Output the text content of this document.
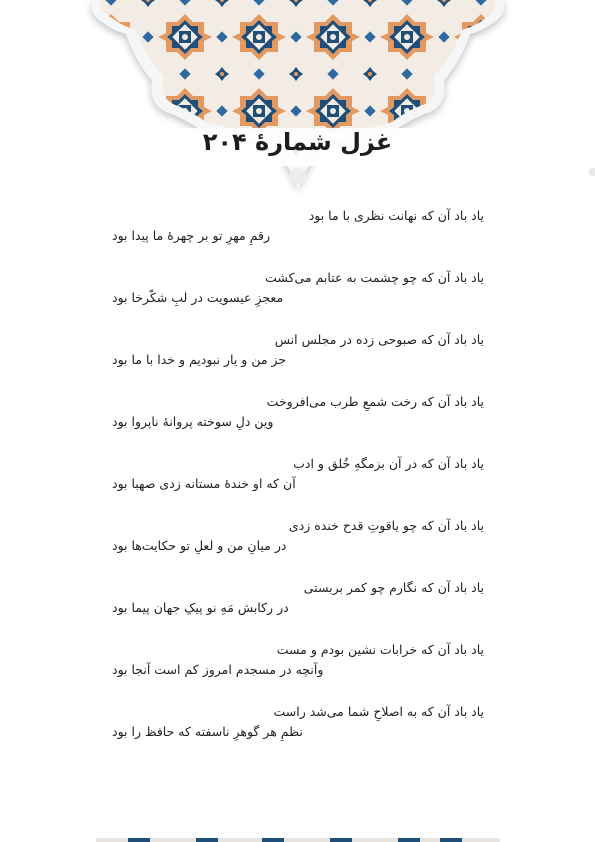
غزل شمارهٔ ۲۰۴
یاد باد آن که نهانت نظری با ما بود
رقمِ مهرِ تو بر چهرهٔ ما پیدا بود
یاد باد آن که چو چشمت به عتابم می‌کشت
معجزِ عیسویت در لبِ شکّرخا بود
یاد باد آن که صبوحی زده در مجلس انس
جز من و یار نبودیم و خدا با ما بود
یاد باد آن که رخت شمعِ طرب می‌افروخت
وین دلِ سوخته پروانهٔ ناپروا بود
یاد باد آن که در آن بزمگهِ خُلق و ادب
آن که او خندهٔ مستانه زدی صهبا بود
یاد باد آن که چو یاقوتِ قدح خنده زدی
در میانِ من و لعلِ تو حکایت‌ها بود
یاد باد آن که نگارم چو کمر بربستی
در رکابش مَهِ نو پیکِ جهان پیما بود
یاد باد آن که خرابات نشین بودم و مست
وآنچه در مسجدم امروز کم است آنجا بود
یاد باد آن که به اصلاحِ شما می‌شد راست
نظمِ هر گوهرِ ناسفته که حافظ را بود
